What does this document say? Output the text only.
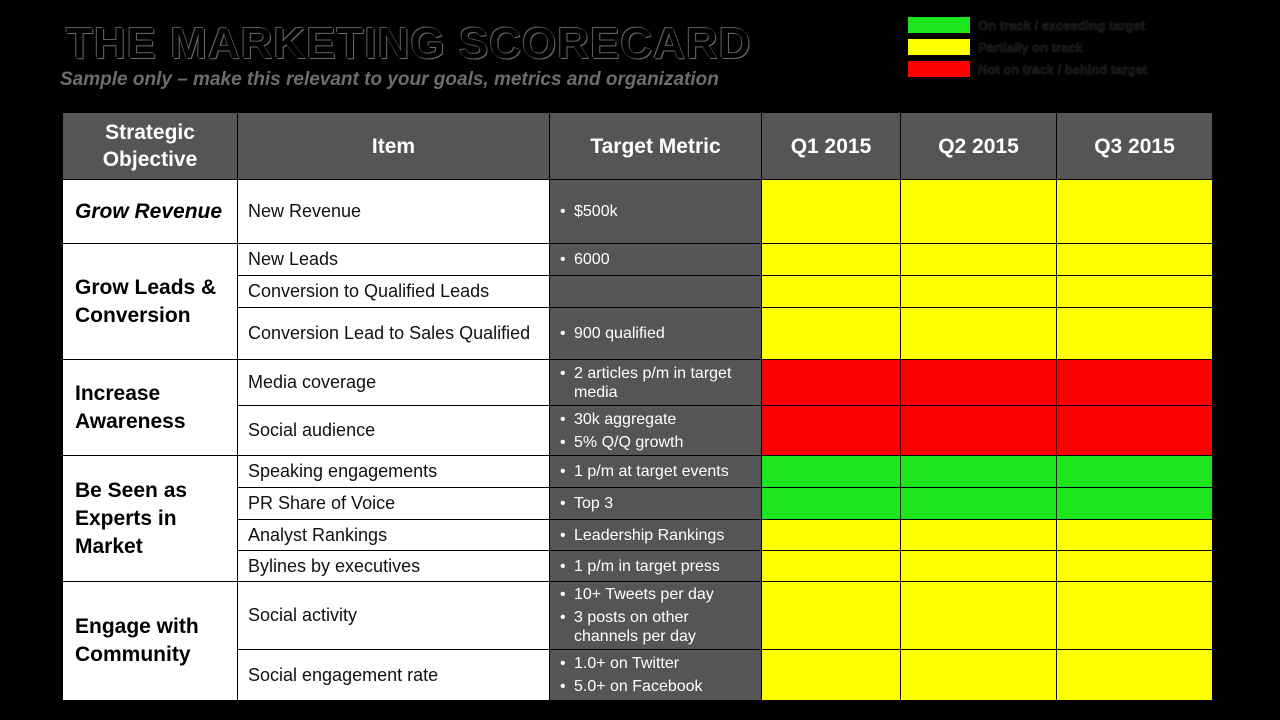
THE MARKETING SCORECARD
Sample only – make this relevant to your goals, metrics and organization
On track / exceeding target
Partially on track
Not on track / behind target
Strategic Objective	Item	Target Metric	Q1 2015	Q2 2015	Q3 2015
Grow Revenue	New Revenue	• $500k			

Grow Leads & Conversion	New Leads	• 6000			

	Conversion to Qualified Leads				
	Conversion Lead to Sales Qualified	• 900 qualified			

Increase Awareness	Media coverage	• 2 articles p/m in target media			

	Social audience	• 30k aggregate
• 5% Q/Q growth			

Be Seen as Experts in Market	Speaking engagements	• 1 p/m at target events			

	PR Share of Voice	• Top 3			

	Analyst Rankings	• Leadership Rankings			

	Bylines by executives	• 1 p/m in target press			

Engage with Community	Social activity	• 10+ Tweets per day
• 3 posts on other channels per day			

	Social engagement rate	• 1.0+ on Twitter
• 5.0+ on Facebook			
